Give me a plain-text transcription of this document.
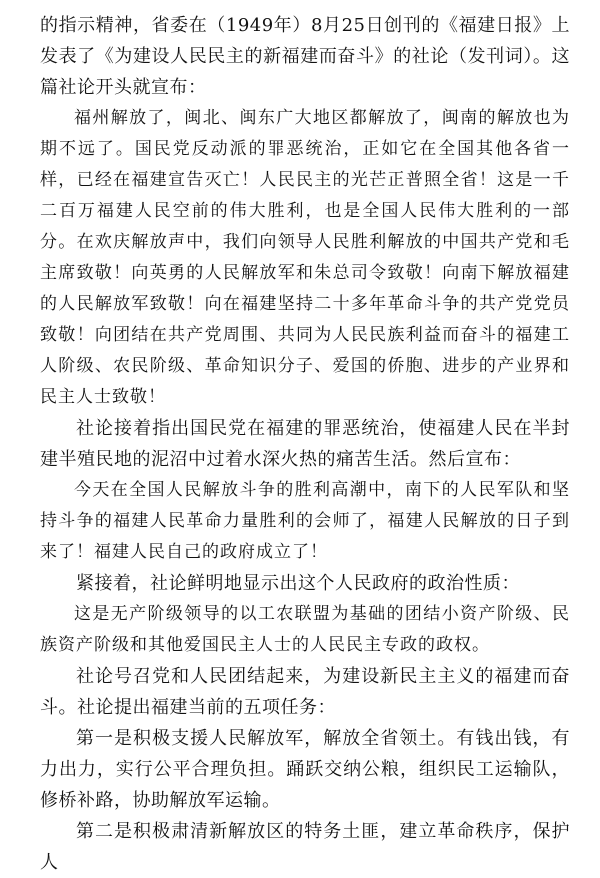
的指示精神，省委在（1949年）8月25日创刊的《福建日报》上发表了《为建设人民民主的新福建而奋斗》的社论（发刊词）。这篇社论开头就宣布：

福州解放了，闽北、闽东广大地区都解放了，闽南的解放也为期不远了。国民党反动派的罪恶统治，正如它在全国其他各省一样，已经在福建宣告灭亡！人民民主的光芒正普照全省！这是一千二百万福建人民空前的伟大胜利，也是全国人民伟大胜利的一部分。在欢庆解放声中，我们向领导人民胜利解放的中国共产党和毛主席致敬！向英勇的人民解放军和朱总司令致敬！向南下解放福建的人民解放军致敬！向在福建坚持二十多年革命斗争的共产党党员致敬！向团结在共产党周围、共同为人民民族利益而奋斗的福建工人阶级、农民阶级、革命知识分子、爱国的侨胞、进步的产业界和民主人士致敬！

社论接着指出国民党在福建的罪恶统治，使福建人民在半封建半殖民地的泥沼中过着水深火热的痛苦生活。然后宣布：

今天在全国人民解放斗争的胜利高潮中，南下的人民军队和坚持斗争的福建人民革命力量胜利的会师了，福建人民解放的日子到来了！福建人民自己的政府成立了！

紧接着，社论鲜明地显示出这个人民政府的政治性质：

这是无产阶级领导的以工农联盟为基础的团结小资产阶级、民族资产阶级和其他爱国民主人士的人民民主专政的政权。

社论号召党和人民团结起来，为建设新民主主义的福建而奋斗。社论提出福建当前的五项任务：

第一是积极支援人民解放军，解放全省领土。有钱出钱，有力出力，实行公平合理负担。踊跃交纳公粮，组织民工运输队，修桥补路，协助解放军运输。

第二是积极肃清新解放区的特务土匪，建立革命秩序，保护人
